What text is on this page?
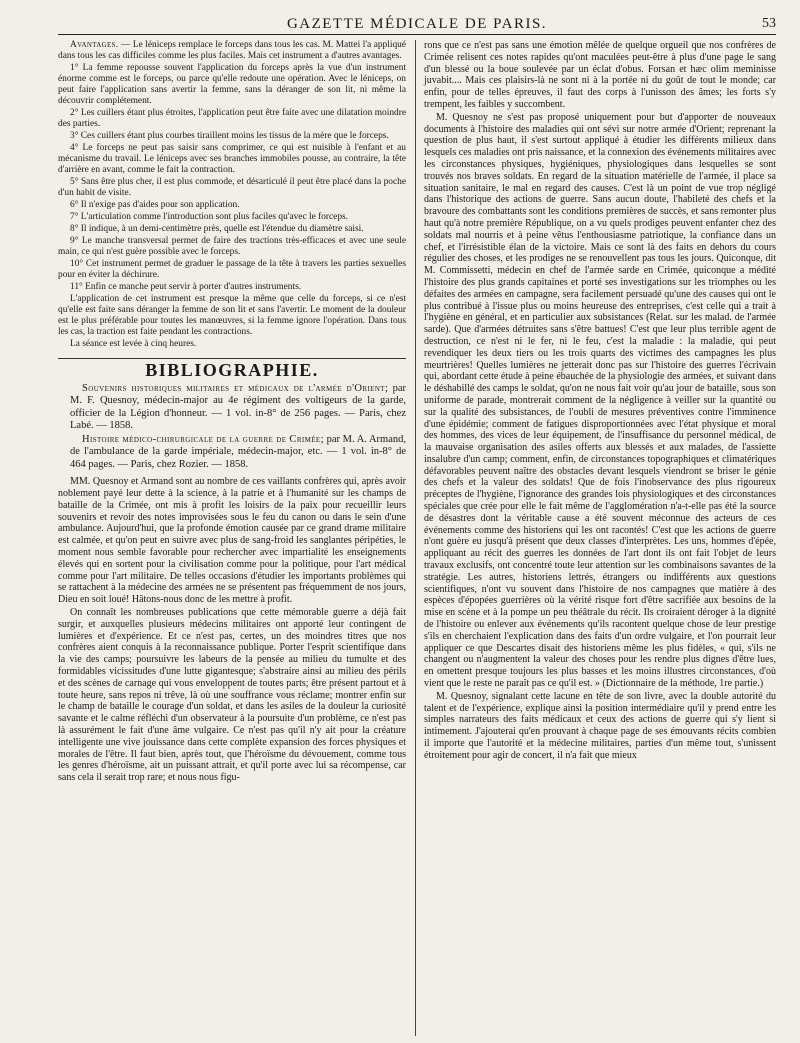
GAZETTE MÉDICALE DE PARIS.	53

Avantages. — Le léniceps remplace le forceps dans tous les cas. M. Mattei l'a appliqué dans tous les cas difficiles comme les plus faciles. Mais cet instrument a d'autres avantages.

1° La femme repousse souvent l'application du forceps après la vue d'un instrument énorme comme est le forceps, ou parce qu'elle redoute une opération. Avec le léniceps, on peut faire l'application sans avertir la femme, sans la déranger de son lit, ni même la découvrir complétement.

2° Les cuillers étant plus étroites, l'application peut être faite avec une dilatation moindre des parties.

3° Ces cuillers étant plus courbes tiraillent moins les tissus de la mère que le forceps.

4° Le forceps ne peut pas saisir sans comprimer, ce qui est nuisible à l'enfant et au mécanisme du travail. Le léniceps avec ses branches immobiles pousse, au contraire, la tête d'arrière en avant, comme le fait la contraction.

5° Sans être plus cher, il est plus commode, et désarticulé il peut être placé dans la poche d'un habit de visite.

6° Il n'exige pas d'aides pour son application.

7° L'articulation comme l'introduction sont plus faciles qu'avec le forceps.

8° Il indique, à un demi-centimètre près, quelle est l'étendue du diamètre saisi.

9° Le manche transversal permet de faire des tractions très-efficaces et avec une seule main, ce qui n'est guère possible avec le forceps.

10° Cet instrument permet de graduer le passage de la tête à travers les parties sexuelles pour en éviter la déchirure.

11° Enfin ce manche peut servir à porter d'autres instruments.

L'application de cet instrument est presque la même que celle du forceps, si ce n'est qu'elle est faite sans déranger la femme de son lit et sans l'avertir. Le moment de la douleur est le plus préférable pour toutes les manœuvres, si la femme ignore l'opération. Dans tous les cas, la traction est faite pendant les contractions.

La séance est levée à cinq heures.

BIBLIOGRAPHIE.

Souvenirs historiques militaires et médicaux de l'armée d'Orient; par M. F. Quesnoy, médecin-major au 4e régiment des voltigeurs de la garde, officier de la Légion d'honneur. — 1 vol. in-8° de 256 pages. — Paris, chez Labé. — 1858.

Histoire médico-chirurgicale de la guerre de Crimée; par M. A. Armand, de l'ambulance de la garde impériale, médecin-major, etc. — 1 vol. in-8° de 464 pages. — Paris, chez Rozier. — 1858.

MM. Quesnoy et Armand sont au nombre de ces vaillants confrères qui, après avoir noblement payé leur dette à la science, à la patrie et à l'humanité sur les champs de bataille de la Crimée, ont mis à profit les loisirs de la paix pour recueillir leurs souvenirs et revoir des notes improvisées sous le feu du canon ou dans le sein d'une ambulance. Aujourd'hui, que la profonde émotion causée par ce grand drame militaire est calmée, et qu'on peut en suivre avec plus de sang-froid les sanglantes péripéties, le moment nous semble favorable pour rechercher avec impartialité les enseignements élevés qui en sortent pour la civilisation comme pour la politique, pour l'art médical comme pour l'art militaire. De telles occasions d'étudier les importants problèmes qui se rattachent à la médecine des armées ne se présentent pas fréquemment de nos jours, Dieu en soit loué! Hâtons-nous donc de les mettre à profit.

On connaît les nombreuses publications que cette mémorable guerre a déjà fait surgir, et auxquelles plusieurs médecins militaires ont apporté leur contingent de lumières et d'expérience. Et ce n'est pas, certes, un des moindres titres que nos confrères aient conquis à la reconnaissance publique. Porter l'esprit scientifique dans la vie des camps; poursuivre les labeurs de la pensée au milieu du tumulte et des formidables vicissitudes d'une lutte gigantesque; s'abstraire ainsi au milieu des périls et des scènes de carnage qui vous enveloppent de toutes parts; être présent partout et à toute heure, sans repos ni trêve, là où une souffrance vous réclame; montrer enfin sur le champ de bataille le courage d'un soldat, et dans les asiles de la douleur la curiosité savante et le calme réfléchi d'un observateur à la poursuite d'un problème, ce n'est pas là assurément le fait d'une âme vulgaire. Ce n'est pas qu'il n'y ait pour la créature intelligente une vive jouissance dans cette complète expansion des forces physiques et morales de l'être. Il faut bien, après tout, que l'héroïsme du dévouement, comme tous les genres d'héroïsme, ait un puissant attrait, et qu'il porte avec lui sa récompense, car sans cela il serait trop rare; et nous nous figu-

rons que ce n'est pas sans une émotion mêlée de quelque orgueil que nos confrères de Crimée relisent ces notes rapides qu'ont maculées peut-être à plus d'une page le sang d'un blessé ou la boue soulevée par un éclat d'obus. Forsan et hæc olim meminisse juvabit.... Mais ces plaisirs-là ne sont ni à la portée ni du goût de tout le monde; car enfin, pour de telles épreuves, il faut des corps à l'unisson des âmes; les forts s'y trempent, les faibles y succombent.

M. Quesnoy ne s'est pas proposé uniquement pour but d'apporter de nouveaux documents à l'histoire des maladies qui ont sévi sur notre armée d'Orient; reprenant la question de plus haut, il s'est surtout appliqué à étudier les différents milieux dans lesquels ces maladies ont pris naissance, et la connexion des événements militaires avec les circonstances physiques, hygiéniques, physiologiques dans lesquelles se sont trouvés nos braves soldats. En regard de la situation matérielle de l'armée, il place sa situation sanitaire, le mal en regard des causes. C'est là un point de vue trop négligé dans l'historique des actions de guerre. Sans aucun doute, l'habileté des chefs et la bravoure des combattants sont les conditions premières de succès, et sans remonter plus haut qu'à notre première République, on a vu quels prodiges peuvent enfanter chez des soldats mal nourris et à peine vêtus l'enthousiasme patriotique, la confiance dans un chef, et l'irrésistible élan de la victoire. Mais ce sont là des faits en dehors du cours régulier des choses, et les prodiges ne se renouvellent pas tous les jours. Quiconque, dit M. Commissetti, médecin en chef de l'armée sarde en Crimée, quiconque a médité l'histoire des plus grands capitaines et porté ses investigations sur les triomphes ou les défaites des armées en campagne, sera facilement persuadé qu'une des causes qui ont le plus contribué à l'issue plus ou moins heureuse des entreprises, c'est celle qui a trait à l'hygiène en général, et en particulier aux subsistances (Relat. sur les malad. de l'armée sarde). Que d'armées détruites sans s'être battues! C'est que leur plus terrible agent de destruction, ce n'est ni le fer, ni le feu, c'est la maladie : la maladie, qui peut revendiquer les deux tiers ou les trois quarts des victimes des campagnes les plus meurtrières! Quelles lumières ne jetterait donc pas sur l'histoire des guerres l'écrivain qui, abordant cette étude à peine ébauchée de la physiologie des armées, et suivant dans le déshabillé des camps le soldat, qu'on ne nous fait voir qu'au jour de bataille, sous son uniforme de parade, montrerait comment de la négligence à veiller sur la quantité ou sur la qualité des subsistances, de l'oubli de mesures préventives contre l'imminence d'une épidémie; comment de fatigues disproportionnées avec l'état physique et moral des hommes, des vices de leur équipement, de l'insuffisance du personnel médical, de la mauvaise organisation des asiles offerts aux blessés et aux malades, de l'assiette insalubre d'un camp; comment, enfin, de circonstances topographiques et climatériques défavorables peuvent naître des obstacles devant lesquels viendront se briser le génie des chefs et la valeur des soldats! Que de fois l'inobservance des plus rigoureux préceptes de l'hygiène, l'ignorance des grandes lois physiologiques et des circonstances spéciales que crée pour elle le fait même de l'agglomération n'a-t-elle pas été la source de désastres dont la véritable cause a été souvent méconnue des acteurs de ces événements comme des historiens qui les ont racontés! C'est que les actions de guerre n'ont guère eu jusqu'à présent que deux classes d'interprètes. Les uns, hommes d'épée, appliquant au récit des guerres les données de l'art dont ils ont fait l'objet de leurs travaux exclusifs, ont concentré toute leur attention sur les combinaisons savantes de la stratégie. Les autres, historiens lettrés, étrangers ou indifférents aux questions scientifiques, n'ont vu souvent dans l'histoire de nos campagnes que matière à des espèces d'épopées guerrières où la vérité risque fort d'être sacrifiée aux besoins de la mise en scène et à la pompe un peu théâtrale du récit. Ils croiraient déroger à la dignité de l'histoire ou enlever aux événements qu'ils racontent quelque chose de leur prestige s'ils en cherchaient l'explication dans des faits d'un ordre vulgaire, et l'on pourrait leur appliquer ce que Descartes disait des historiens même les plus fidèles, « qui, s'ils ne changent ou n'augmentent la valeur des choses pour les rendre plus dignes d'être lues, en omettent presque toujours les plus basses et les moins illustres circonstances, d'où vient que le reste ne paraît pas ce qu'il est. » (Dictionnaire de la méthode, 1re partie.)

M. Quesnoy, signalant cette lacune en tête de son livre, avec la double autorité du talent et de l'expérience, explique ainsi la position intermédiaire qu'il y prend entre les simples narrateurs des faits médicaux et ceux des actions de guerre qui s'y lient si intimement. J'ajouterai qu'en prouvant à chaque page de ses émouvants récits combien il importe que l'autorité et la médecine militaires, parties d'un même tout, s'unissent étroitement pour agir de concert, il n'a fait que mieux
